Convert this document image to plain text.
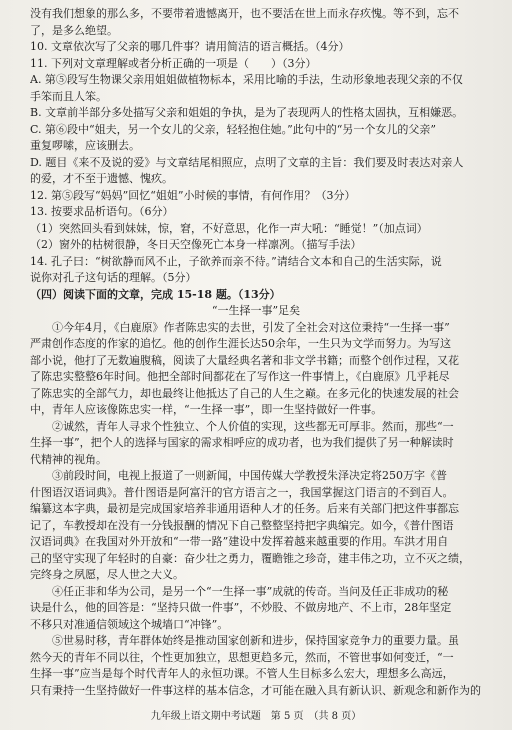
没有我们想象的那么多，不要带着遗憾离开，也不要活在世上而永存疚愧。等不到，忘不

了，是多么绝望。

10. 文章依次写了父亲的哪几件事？请用简洁的语言概括。（4分）

11. 下列对文章理解或者分析正确的一项是（　　）（3分）

A. 第⑤段写生物课父亲用姐姐做植物标本，采用比喻的手法，生动形象地表现父亲的不仅

手笨而且人笨。

B. 文章前半部分多处描写父亲和姐姐的争执，是为了表现两人的性格太固执，互相嫌恶。

C. 第⑥段中“姐夫，另一个女儿的父亲，轻轻抱住她。”此句中的“另一个女儿的父亲”

重复啰嗦，应该删去。

D. 题目《来不及说的爱》与文章结尾相照应，点明了文章的主旨：我们要及时表达对亲人

的爱，才不至于遗憾、愧疚。

12. 第⑤段写“妈妈”回忆“姐姐”小时候的事情，有何作用？（3分）

13. 按要求品析语句。（6分）

（1）突然回头看到妹妹，惊，窘，不好意思，化作一声大吼：“睡觉！”（加点词）

（2）窗外的枯树很静，冬日天空像死亡本身一样凛冽。（描写手法）

14. 孔子曰：“树欲静而风不止，子欲养而亲不待。”请结合文本和自己的生活实际，说

说你对孔子这句话的理解。（5分）

（四）阅读下面的文章，完成 15-18 题。（13分）

“一生择一事”足矣

　　①今年4月，《白鹿原》作者陈忠实的去世，引发了全社会对这位秉持“一生择一事”

严肃创作态度的作家的追忆。他的创作生涯长达50余年，一生只为文学而努力。为写这

部小说，他打了无数遍腹稿，阅读了大量经典名著和非文学书籍；而整个创作过程，又花

了陈忠实整整6年时间。他把全部时间都花在了写作这一件事情上，《白鹿原》几乎耗尽

了陈忠实的全部气力，却也最终让他抵达了自己的人生之巅。在多元化的快速发展的社会

中，青年人应该像陈忠实一样，“一生择一事”，即一生坚持做好一件事。

　　②诚然，青年人寻求个性独立、个人价值的实现，这些都无可厚非。然而，那些“一

生择一事”，把个人的选择与国家的需求相呼应的成功者，也为我们提供了另一种解读时

代精神的视角。

　　③前段时间，电视上报道了一则新闻，中国传媒大学教授朱泽决定将250万字《普

什图语汉语词典》。普什图语是阿富汗的官方语言之一，我国掌握这门语言的不到百人。

编纂这本字典，最初是完成国家培养非通用语种人才的任务。后来有关部门把这件事都忘

记了，车教授却在没有一分钱报酬的情况下自己整整坚持把字典编完。如今，《普什图语

汉语词典》在我国对外开放和“一带一路”建设中发挥着越来越重要的作用。车洪才用自

己的坚守实现了年轻时的自豪：奋少壮之勇力，覆瞻锥之珍奇，建丰伟之功，立不灭之绩，

完终身之夙愿，尽人世之大义。

　　④任正非和华为公司，是另一个“一生择一事”成就的传奇。当问及任正非成功的秘

诀是什么，他的回答是：“坚持只做一件事”，不炒股、不做房地产、不上市，28年坚定

不移只对准通信领域这个城墙口“冲锋”。

　　⑤世易时移，青年群体始终是推动国家创新和进步，保持国家竞争力的重要力量。虽

然今天的青年不同以往，个性更加独立，思想更趋多元，然而，不管世事如何变迁，“一

生择一事”应当是每个时代青年人的永恒功课。不管人生目标多么宏大，理想多么高远，

只有秉持一生坚持做好一件事这样的基本信念，才可能在融入具有新认识、新观念和新作为的

九年级上语文期中考试题　第 5 页　（共 8 页）
